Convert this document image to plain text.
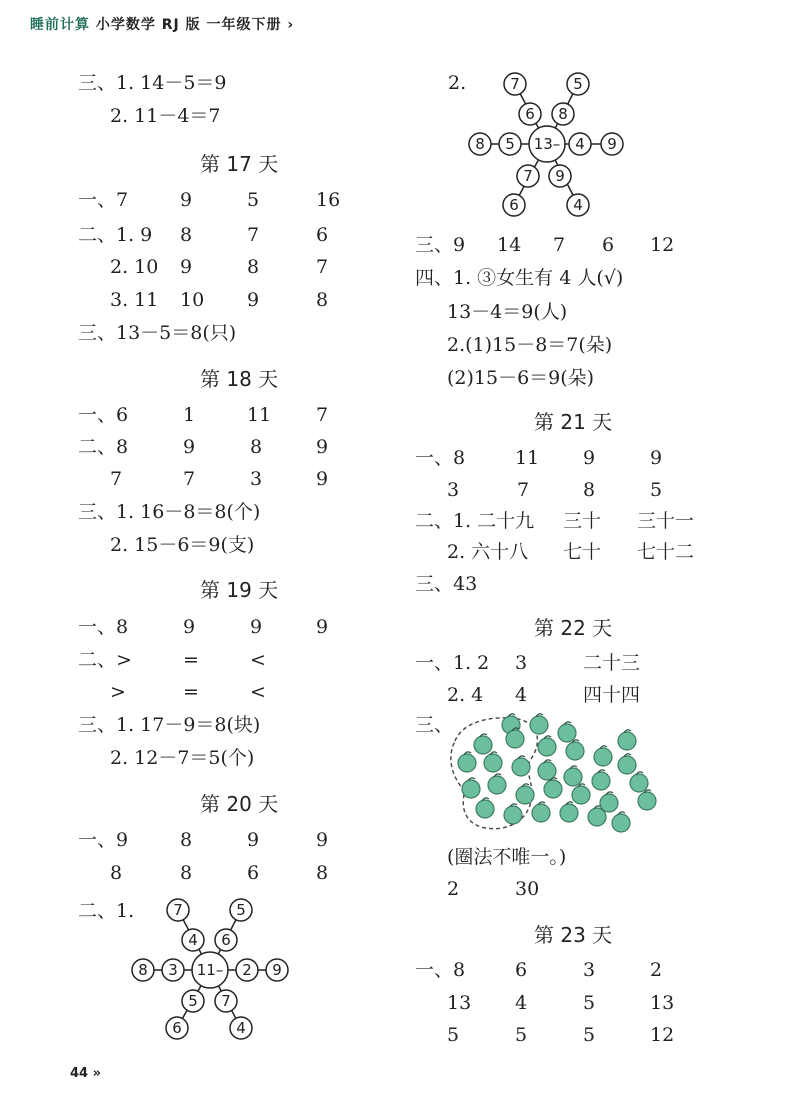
睡前计算 小学数学 RJ 版 一年级下册 ›
三、1. 14－5＝9
2. 11－4＝7
第 17 天
一、7	9	5	16
二、1. 9 8	7	6
2. 10 9	8	7
3. 11 10 9	8
三、13－5＝8(只)
第 18 天
一、6	1	11 7
二、8	9	8	9
7	7	3	9
三、1. 16－8＝8(个)
2. 15－6＝9(支)
第 19 天
一、8	9	9	9
二、>	=	<
>	=	<
三、1. 17－9＝8(块)
2. 12－7＝5(个)
第 20 天
一、9	8	9	9
8	8	6	8
二、1.	7	5
4 6
8 3 11– 2 9
5 7
6	4
2.	7	5
6 8
8 5 13– 4 9
7 9
6	4
三、9 14 7 6 12
四、1. ③女生有 4 人(√)
13－4＝9(人)
2.(1)15－8＝7(朵)
(2)15－6＝9(朵)
第 21 天
一、8	11 9	9
3	7	8	5
二、1. 二十九 三十 三十一
2. 六十八 七十 七十二
三、43
第 22 天
一、1. 2 3	二十三
2. 4 4	四十四
三、
(圈法不唯一。)
2	30
第 23 天
一、8	6	3	2
13 4	5	13
5	5	5	12
44 »
